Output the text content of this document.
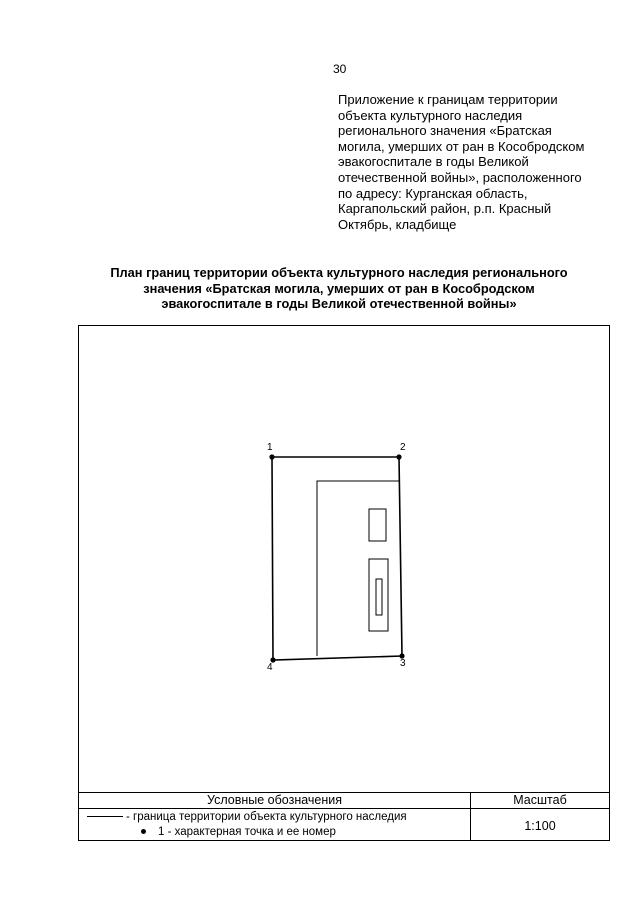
30
Приложение к границам территории
объекта культурного наследия
регионального значения «Братская
могила, умерших от ран в Кособродском
эвакогоспитале в годы Великой
отечественной войны», расположенного
по адресу: Курганская область,
Каргапольский район, р.п. Красный
Октябрь, кладбище
План границ территории объекта культурного наследия регионального
значения «Братская могила, умерших от ран в Кособродском
эвакогоспитале в годы Великой отечественной войны»
1	2
3
4
Условные обозначения	Масштаб
- граница территории объекта культурного наследия
1 - характерная точка и ее номер	1:100
